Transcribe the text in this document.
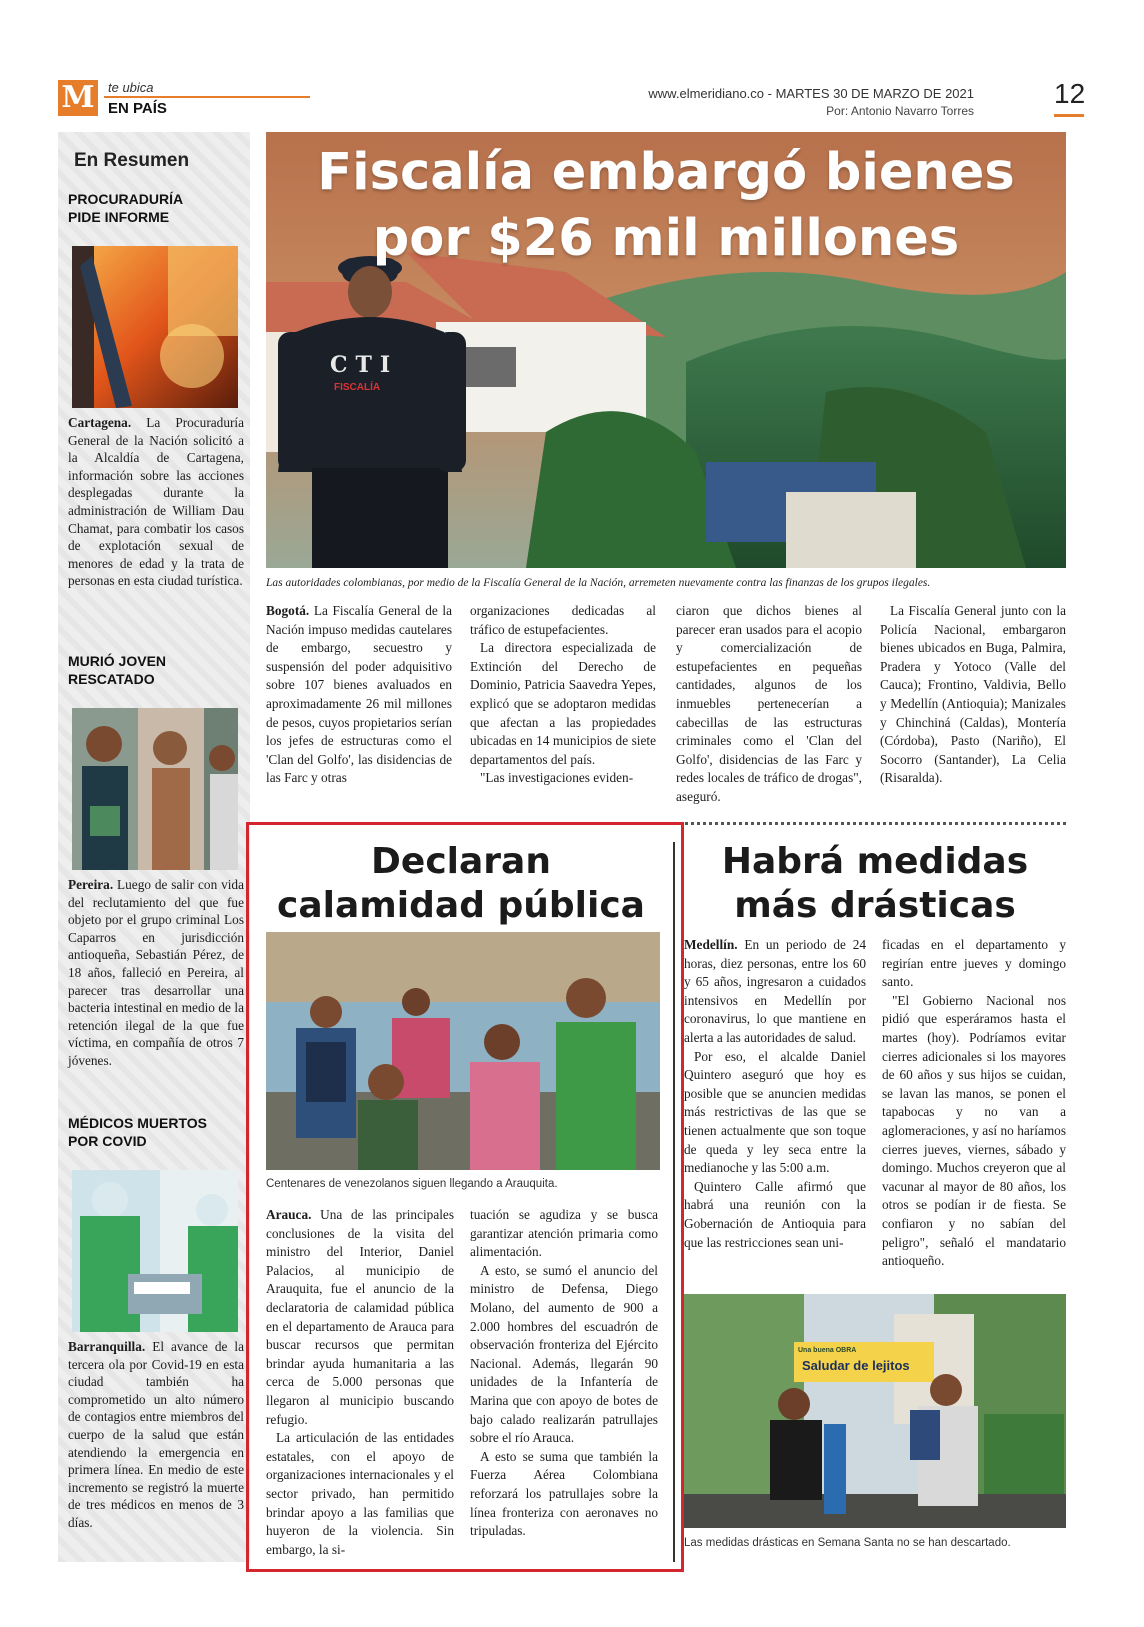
M te ubica
EN PAÍS
www.elmeridiano.co - MARTES 30 DE MARZO DE 2021
Por: Antonio Navarro Torres
12
En Resumen
PROCURADURÍA PIDE INFORME
Cartagena. La Procuraduría General de la Nación solicitó a la Alcaldía de Cartagena, información sobre las acciones desplegadas durante la administración de William Dau Chamat, para combatir los casos de explotación sexual de menores de edad y la trata de personas en esta ciudad turística.
MURIÓ JOVEN RESCATADO
Pereira. Luego de salir con vida del reclutamiento del que fue objeto por el grupo criminal Los Caparros en jurisdicción antioqueña, Sebastián Pérez, de 18 años, falleció en Pereira, al parecer tras desarrollar una bacteria intestinal en medio de la retención ilegal de la que fue víctima, en compañía de otros 7 jóvenes.
MÉDICOS MUERTOS POR COVID
Barranquilla. El avance de la tercera ola por Covid-19 en esta ciudad también ha comprometido un alto número de contagios entre miembros del cuerpo de la salud que están atendiendo la emergencia en primera línea. En medio de este incremento se registró la muerte de tres médicos en menos de 3 días.
CTI
FISCALÍA
Fiscalía embargó bienes por $26 mil millones
Las autoridades colombianas, por medio de la Fiscalía General de la Nación, arremeten nuevamente contra las finanzas de los grupos ilegales.

Bogotá. La Fiscalía General de la Nación impuso medidas cautelares de embargo, secuestro y suspensión del poder adquisitivo sobre 107 bienes avaluados en aproximadamente 26 mil millones de pesos, cuyos propietarios serían los jefes de estructuras como el 'Clan del Golfo', las disidencias de las Farc y otras

organizaciones dedicadas al tráfico de estupefacientes.

La directora especializada de Extinción del Derecho de Dominio, Patricia Saavedra Yepes, explicó que se adoptaron medidas que afectan a las propiedades ubicadas en 14 municipios de siete departamentos del país.

"Las investigaciones eviden-

ciaron que dichos bienes al parecer eran usados para el acopio y comercialización de estupefacientes en pequeñas cantidades, algunos de los inmuebles pertenecerían a cabecillas de las estructuras criminales como el 'Clan del Golfo', disidencias de las Farc y redes locales de tráfico de drogas", aseguró.

La Fiscalía General junto con la Policía Nacional, embargaron bienes ubicados en Buga, Palmira, Pradera y Yotoco (Valle del Cauca); Frontino, Valdivia, Bello y Medellín (Antioquia); Manizales y Chinchiná (Caldas), Montería (Córdoba), Pasto (Nariño), El Socorro (Santander), La Celia (Risaralda).

Declaran
calamidad pública
Centenares de venezolanos siguen llegando a Arauquita.

Arauca. Una de las principales conclusiones de la visita del ministro del Interior, Daniel Palacios, al municipio de Arauquita, fue el anuncio de la declaratoria de calamidad pública en el departamento de Arauca para buscar recursos que permitan brindar ayuda humanitaria a las cerca de 5.000 personas que llegaron al municipio buscando refugio.

La articulación de las entidades estatales, con el apoyo de organizaciones internacionales y el sector privado, han permitido brindar apoyo a las familias que huyeron de la violencia. Sin embargo, la si-

tuación se agudiza y se busca garantizar atención primaria como alimentación.

A esto, se sumó el anuncio del ministro de Defensa, Diego Molano, del aumento de 900 a 2.000 hombres del escuadrón de observación fronteriza del Ejército Nacional. Además, llegarán 90 unidades de la Infantería de Marina que con apoyo de botes de bajo calado realizarán patrullajes sobre el río Arauca.

A esto se suma que también la Fuerza Aérea Colombiana reforzará los patrullajes sobre la línea fronteriza con aeronaves no tripuladas.

Habrá medidas
más drásticas

Medellín. En un periodo de 24 horas, diez personas, entre los 60 y 65 años, ingresaron a cuidados intensivos en Medellín por coronavirus, lo que mantiene en alerta a las autoridades de salud.

Por eso, el alcalde Daniel Quintero aseguró que hoy es posible que se anuncien medidas más restrictivas de las que se tienen actualmente que son toque de queda y ley seca entre la medianoche y las 5:00 a.m.

Quintero Calle afirmó que habrá una reunión con la Gobernación de Antioquia para que las restricciones sean uni-

ficadas en el departamento y regirían entre jueves y domingo santo.

"El Gobierno Nacional nos pidió que esperáramos hasta el martes (hoy). Podríamos evitar cierres adicionales si los mayores de 60 años y sus hijos se cuidan, se lavan las manos, se ponen el tapabocas y no van a aglomeraciones, y así no haríamos cierres jueves, viernes, sábado y domingo. Muchos creyeron que al vacunar al mayor de 80 años, los otros se podían ir de fiesta. Se confiaron y no sabían del peligro", señaló el mandatario antioqueño.

Una buena OBRA
Saludar de lejitos
Las medidas drásticas en Semana Santa no se han descartado.
